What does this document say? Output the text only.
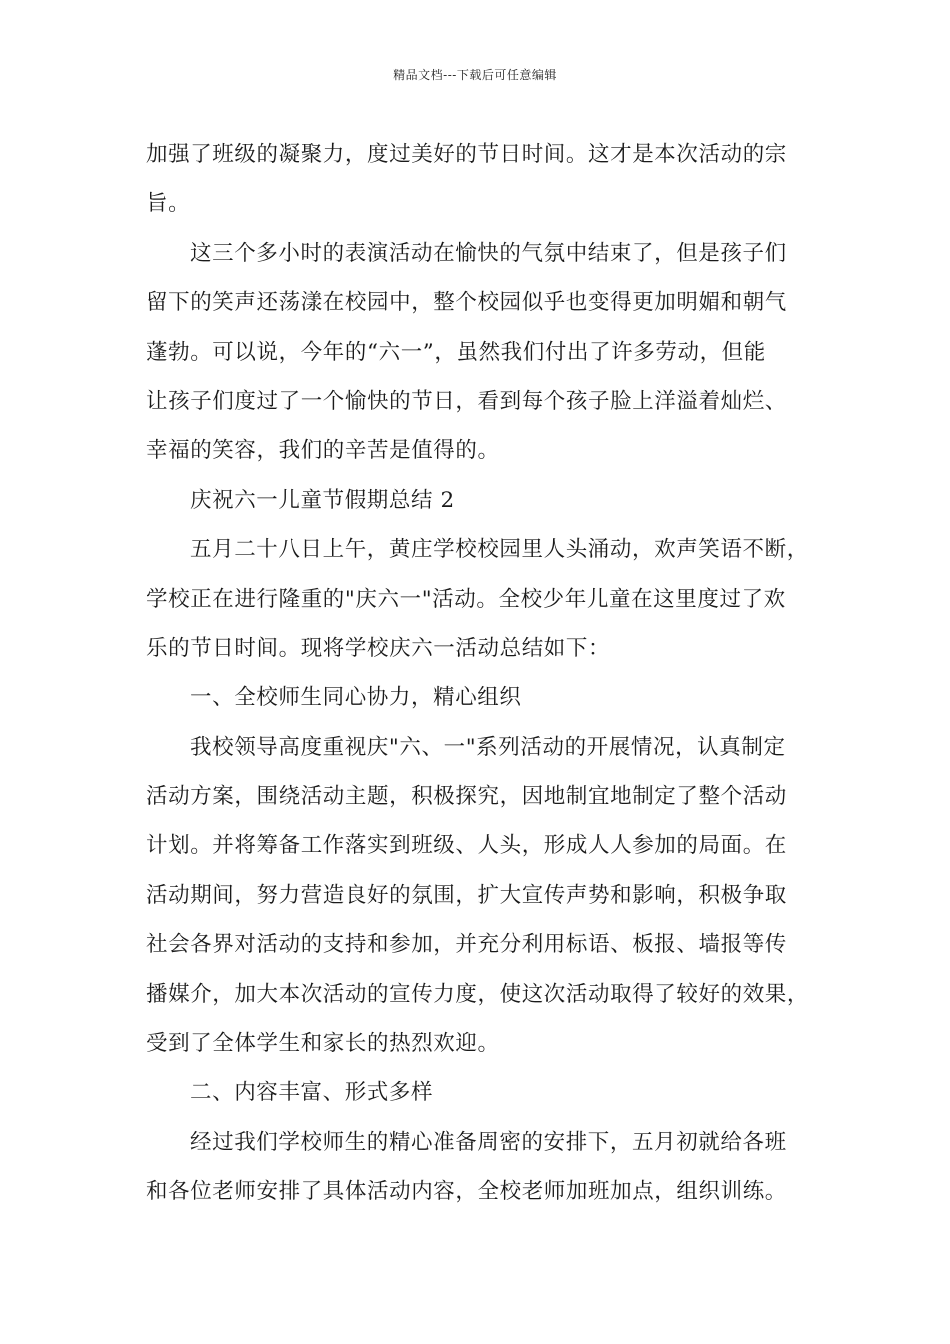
精品文档---下载后可任意编辑
加强了班级的凝聚力，度过美好的节日时间。这才是本次活动的宗
旨。
这三个多小时的表演活动在愉快的气氛中结束了，但是孩子们
留下的笑声还荡漾在校园中，整个校园似乎也变得更加明媚和朝气
蓬勃。可以说，今年的“六一”，虽然我们付出了许多劳动，但能
让孩子们度过了一个愉快的节日，看到每个孩子脸上洋溢着灿烂、
幸福的笑容，我们的辛苦是值得的。
庆祝六一儿童节假期总结 2
五月二十八日上午，黄庄学校校园里人头涌动，欢声笑语不断，
学校正在进行隆重的"庆六一"活动。全校少年儿童在这里度过了欢
乐的节日时间。现将学校庆六一活动总结如下：
一、全校师生同心协力，精心组织
我校领导高度重视庆"六、一"系列活动的开展情况，认真制定
活动方案，围绕活动主题，积极探究，因地制宜地制定了整个活动
计划。并将筹备工作落实到班级、人头，形成人人参加的局面。在
活动期间，努力营造良好的氛围，扩大宣传声势和影响，积极争取
社会各界对活动的支持和参加，并充分利用标语、板报、墙报等传
播媒介，加大本次活动的宣传力度，使这次活动取得了较好的效果，
受到了全体学生和家长的热烈欢迎。
二、内容丰富、形式多样
经过我们学校师生的精心准备周密的安排下，五月初就给各班
和各位老师安排了具体活动内容，全校老师加班加点，组织训练。
